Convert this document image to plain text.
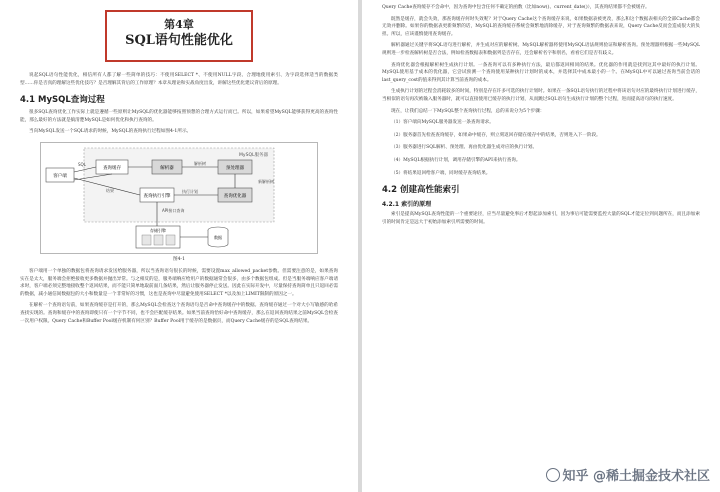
第4章
SQL语句性能优化

说起SQL语句性能优化，相信所有人都了解一些简单的技巧：不使用SELECT *、不使用NULL字段、合理地使用索引、为字段选择适当的数据类型……你是否真的理解这些优化技巧？是否理解其背后的工作原理？本章从理论和实战角度出发，讲解这些优化建议背后的原理。

4.1 MySQL查询过程

很多SQL查询优化工作实际上就是遵循一些原则让MySQL的优化器能够按照预想的合理方式运行而已。所以，如果希望MySQL能够获得更高的查询性能，那么最好的方法就是搞清楚MySQL是如何优化和执行查询的。

当向MySQL发送一个SQL请求的时候，MySQL的查询执行过程如图4-1所示。

MySQL服务器
客户端
查询缓存	解析器
解析树
预处理器
查询优化器
新解析树
执行计划
查询执行引擎
结果
SQL
API接口查询
存储引擎
数据
图4-1

客户端用一个单独的数据包将查询请求发送给服务器，所以当查询语句很长的时候，需要设置max_allowed_packet参数。但需要注意的是，如果查询实在是太大，服务端会拒绝接收更多数据并抛出异常。与之相反的是，服务端响应给用户的数据通常会很多，由多个数据包组成。但是当服务端响应客户端请求时，客户端必须完整地接收整个返回结果，而不能只简单地取前面几条结果，然后让服务器停止发送。因此在实际开发中，尽量保持查询简单且只返回必需的数据，减小通信间数据包的大小和数量是一个非常好的习惯，这也是查询中尽量避免使用SELECT *以及加上LIMIT限制的原因之一。

在解析一个查询语句前，如果查询缓存是打开的，那么MySQL会检查这个查询语句是否命中查询缓存中的数据。查询缓存通过一个对大小写敏感的哈希查找实现的。查询和缓存中的查询即使只有一个字节不同，也不会匹配缓存结果。如果当前查询恰好命中查询缓存，那么在返回查询结果之前MySQL会检查一次用户权限。Query Cache和Buffer Pool缓存机制有何区别？Buffer Pool用于缓存的是数据页，而Query Cache缓存的是SQL查询结果。

Query Cache查询缓存不会命中，因为查询中包含任何不确定的函数（比如now()、current_date()），其查询结果都不会被缓存。

既然是缓存，就会失效，那查询缓存何时失效呢？对于Query Cache这个查询缓存来说，如果数据表被更改，那么和这个数据表相关的全部Cache都会无效并删除。如果你的数据表更新频繁的话，MySQL的查询缓存系统会频繁地清除缓存，对于查询频繁的数据表来说，Query Cache反而会造成很大的负担。所以，应该谨慎使用查询缓存。

解析器通过关键字将SQL语句进行解析，并生成对应的解析树。MySQL解析器将使用MySQL语法规则验证和解析查询。预处理器则根据一些MySQL规则进一步检查解析树是否合法，例如检查数据表和数据列是否存在，还会解析名字和别名，看看它们是否有歧义。

查询优化器会根据解析树生成执行计划。一条查询可以有多种执行方法，最后都返回相同的结果。优化器的作用就是找到这其中最好的执行计划。MySQL使用基于成本的优化器，它尝试预测一个查询使用某种执行计划时的成本，并选择其中成本最小的一个。在MySQL中可以通过查询当前会话的last_query_cost的值来得到其计算当前查询的成本。

生成执行计划的过程会消耗较多的时间，特别是存在许多可选的执行计划时。如果在一条SQL语句执行的过程中将该语句对应的最终执行计划进行缓存，当相似的语句再次被输入服务器时，就可以直接使用已缓存的执行计划，从而跳过SQL语句生成执行计划的整个过程，进而提高语句的执行速度。

现在，让我们总结一下MySQL整个查询执行过程，总的来说分为5个步骤：

（1）客户端向MySQL服务器发送一条查询请求。
（2）服务器首先检查查询缓存，如果命中缓存，则立刻返回存储在缓存中的结果，否则进入下一阶段。
（3）服务器进行SQL解析、预处理、再由优化器生成对应的执行计划。
（4）MySQL根据执行计划，调用存储引擎的API来执行查询。
（5）将结果返回给客户端，同时缓存查询结果。
4.2 创建高性能索引
4.2.1 索引的原理

索引是提高MySQL查询性能的一个重要途径，应当尽量避免事后才想起添加索引，因为事后可能需要监控大量的SQL才能定位到问题所在，而且添加索引的时间肯定是远大于初始添加索引所需要的时间。

知乎 @稀土掘金技术社区
